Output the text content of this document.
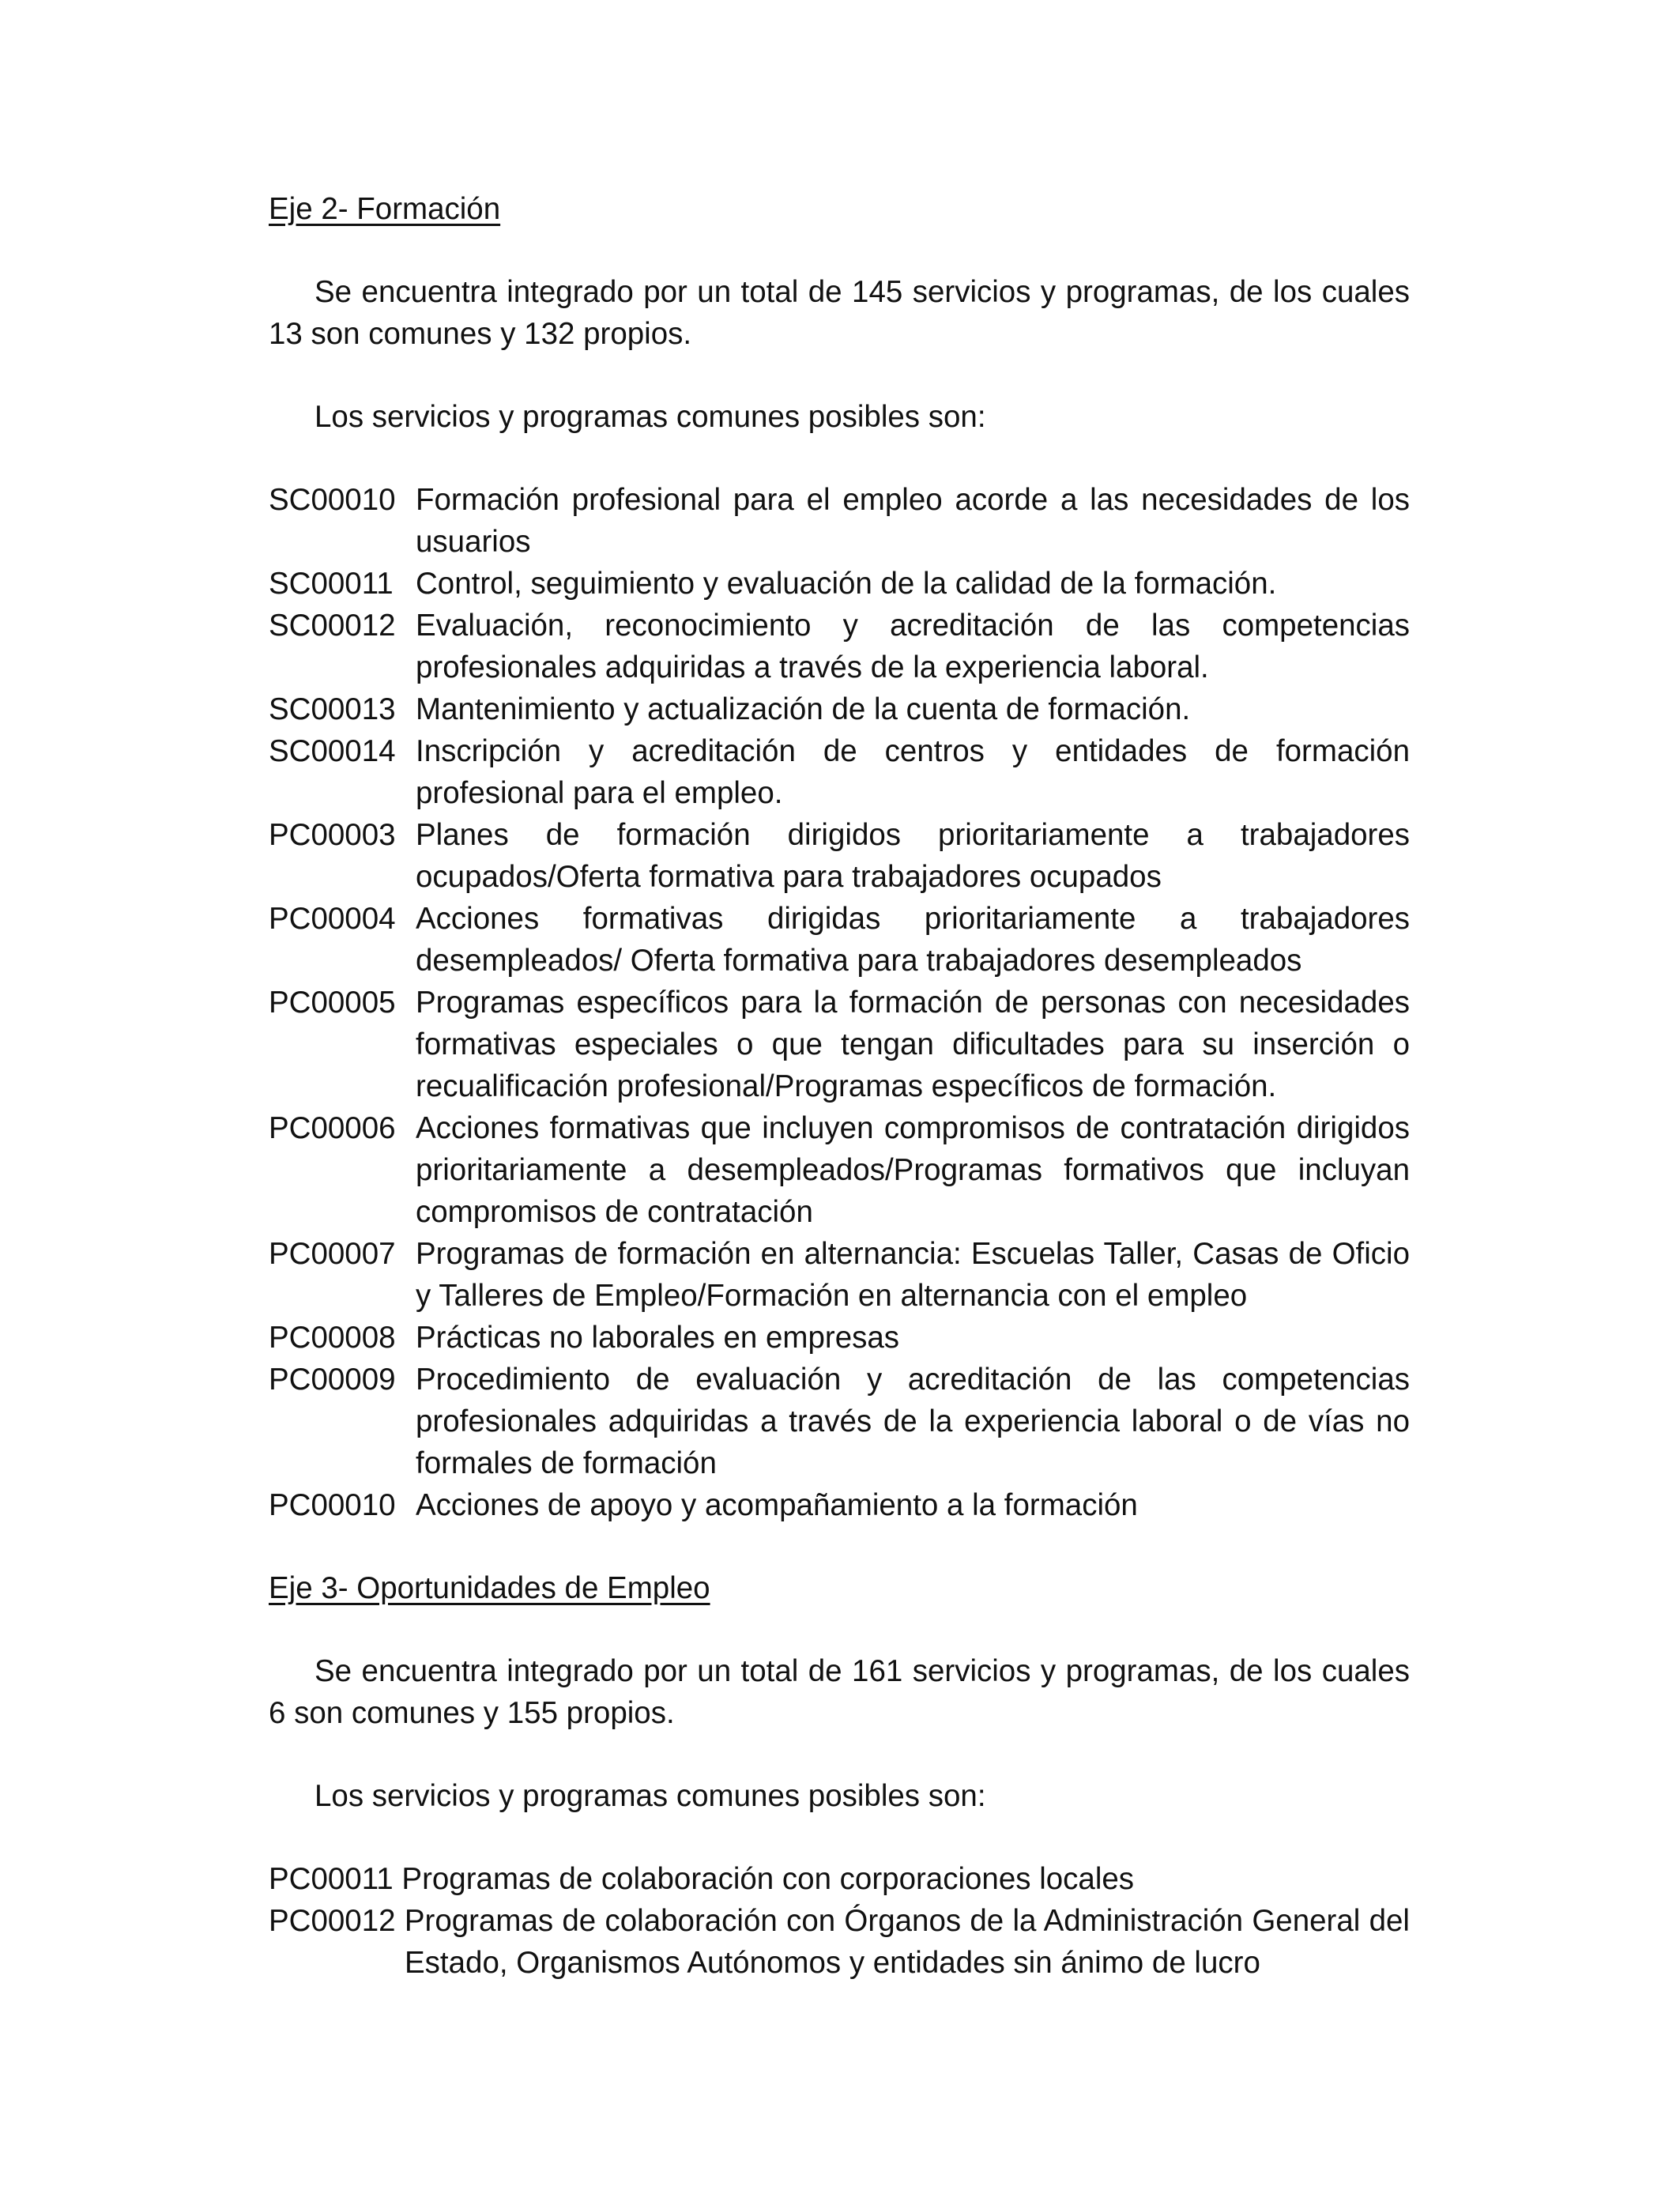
Eje 2- Formación
Se encuentra integrado por un total de 145 servicios y programas, de los cuales 13 son comunes y 132 propios.
Los servicios y programas comunes posibles son:
SC00010 Formación profesional para el empleo acorde a las necesidades de los usuarios
SC00011 Control, seguimiento y evaluación de la calidad de la formación.
SC00012 Evaluación, reconocimiento y acreditación de las competencias profesionales adquiridas a través de la experiencia laboral.
SC00013 Mantenimiento y actualización de la cuenta de formación.
SC00014 Inscripción y acreditación de centros y entidades de formación profesional para el empleo.
PC00003 Planes de formación dirigidos prioritariamente a trabajadores ocupados/Oferta formativa para trabajadores ocupados
PC00004 Acciones formativas dirigidas prioritariamente a trabajadores desempleados/ Oferta formativa para trabajadores desempleados
PC00005 Programas específicos para la formación de personas con necesidades formativas especiales o que tengan dificultades para su inserción o recualificación profesional/Programas específicos de formación.
PC00006 Acciones formativas que incluyen compromisos de contratación dirigidos prioritariamente a desempleados/Programas formativos que incluyan compromisos de contratación
PC00007 Programas de formación en alternancia: Escuelas Taller, Casas de Oficio y Talleres de Empleo/Formación en alternancia con el empleo
PC00008 Prácticas no laborales en empresas
PC00009 Procedimiento de evaluación y acreditación de las competencias profesionales adquiridas a través de la experiencia laboral o de vías no formales de formación
PC00010 Acciones de apoyo y acompañamiento a la formación
Eje 3- Oportunidades de Empleo
Se encuentra integrado por un total de 161 servicios y programas, de los cuales 6 son comunes y 155 propios.
Los servicios y programas comunes posibles son:
PC00011 Programas de colaboración con corporaciones locales
PC00012 Programas de colaboración con Órganos de la Administración General del Estado, Organismos Autónomos y entidades sin ánimo de lucro
